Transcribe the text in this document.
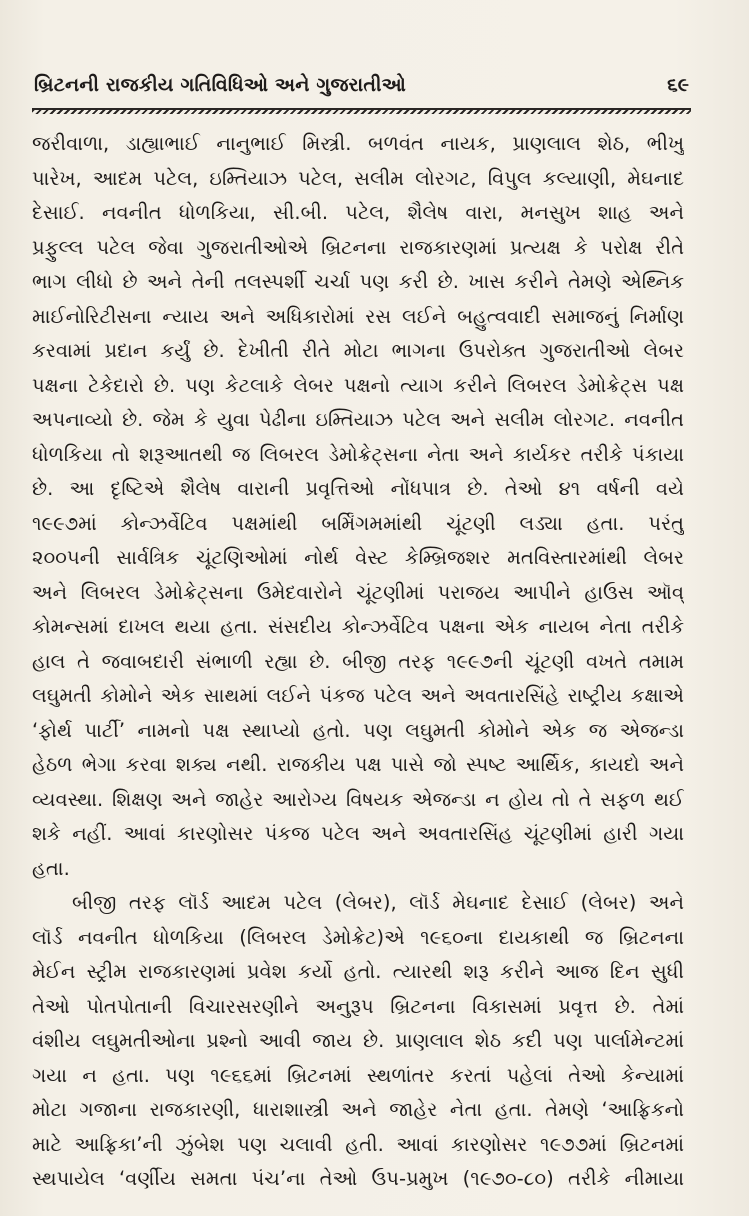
બ્રિટનની રાજકીય ગતિવિધિઓ અને ગુજરાતીઓ	૬૯
જરીવાળા, ડાહ્યાભાઈ નાનુભાઈ મિસ્ત્રી. બળવંત નાયક, પ્રાણલાલ શેઠ, ભીખુ
પારેખ, આદમ પટેલ, ઇમ્તિયાઝ પટેલ, સલીમ લોરગટ, વિપુલ કલ્યાણી, મેઘનાદ
દેસાઈ. નવનીત ધોળકિયા, સી.બી. પટેલ, શૈલેષ વારા, મનસુખ શાહ અને
પ્રફુલ્લ પટેલ જેવા ગુજરાતીઓએ બ્રિટનના રાજકારણમાં પ્રત્યક્ષ કે પરોક્ષ રીતે
ભાગ લીધો છે અને તેની તલસ્પર્શી ચર્ચા પણ કરી છે. ખાસ કરીને તેમણે એથ્નિક
માઈનોરિટીસના ન્યાય અને અધિકારોમાં રસ લઈને બહુત્વવાદી સમાજનું નિર્માણ
કરવામાં પ્રદાન કર્યું છે. દેખીતી રીતે મોટા ભાગના ઉપરોક્ત ગુજરાતીઓ લેબર
પક્ષના ટેકેદારો છે. પણ કેટલાકે લેબર પક્ષનો ત્યાગ કરીને લિબરલ ડેમોક્રેટ્સ પક્ષ
અપનાવ્યો છે. જેમ કે યુવા પેઢીના ઇમ્તિયાઝ પટેલ અને સલીમ લોરગટ. નવનીત
ધોળકિયા તો શરૂઆતથી જ લિબરલ ડેમોક્રેટ્સના નેતા અને કાર્યકર તરીકે પંકાયા
છે. આ દૃષ્ટિએ શૈલેષ વારાની પ્રવૃત્તિઓ નોંધપાત્ર છે. તેઓ ૪૧ વર્ષની વયે
૧૯૯૭માં કોન્ઝર્વેટિવ પક્ષમાંથી બર્મિંગમમાંથી ચૂંટણી લડ્યા હતા. પરંતુ
૨૦૦૫ની સાર્વત્રિક ચૂંટણિઓમાં નોર્થ વેસ્ટ કેમ્બ્રિજશર મતવિસ્તારમાંથી લેબર
અને લિબરલ ડેમોક્રેટ્સના ઉમેદવારોને ચૂંટણીમાં પરાજય આપીને હાઉસ ઑવ્
કોમન્સમાં દાખલ થયા હતા. સંસદીય કોન્ઝર્વેટિવ પક્ષના એક નાયબ નેતા તરીકે
હાલ તે જવાબદારી સંભાળી રહ્યા છે. બીજી તરફ ૧૯૯૭ની ચૂંટણી વખતે તમામ
લઘુમતી કોમોને એક સાથમાં લઈને પંકજ પટેલ અને અવતારસિંહે રાષ્ટ્રીય કક્ષાએ
‘ફોર્થ પાર્ટી’ નામનો પક્ષ સ્થાપ્યો હતો. પણ લઘુમતી કોમોને એક જ એજન્ડા
હેઠળ ભેગા કરવા શક્ય નથી. રાજકીય પક્ષ પાસે જો સ્પષ્ટ આર્થિક, કાયદો અને
વ્યવસ્થા. શિક્ષણ અને જાહેર આરોગ્ય વિષયક એજન્ડા ન હોય તો તે સફળ થઈ
શકે નહીં. આવાં કારણોસર પંકજ પટેલ અને અવતારસિંહ ચૂંટણીમાં હારી ગયા
હતા.
બીજી તરફ લૉર્ડ આદમ પટેલ (લેબર), લૉર્ડ મેઘનાદ દેસાઈ (લેબર) અને
લૉર્ડ નવનીત ધોળકિયા (લિબરલ ડેમોક્રેટ)એ ૧૯૬૦ના દાયકાથી જ બ્રિટનના
મેઈન સ્ટ્રીમ રાજકારણમાં પ્રવેશ કર્યો હતો. ત્યારથી શરૂ કરીને આજ દિન સુધી
તેઓ પોતપોતાની વિચારસરણીને અનુરૂપ બ્રિટનના વિકાસમાં પ્રવૃત્ત છે. તેમાં
વંશીય લઘુમતીઓના પ્રશ્નો આવી જાય છે. પ્રાણલાલ શેઠ કદી પણ પાર્લામેન્ટમાં
ગયા ન હતા. પણ ૧૯૬૬માં બ્રિટનમાં સ્થળાંતર કરતાં પહેલાં તેઓ કેન્યામાં
મોટા ગજાના રાજકારણી, ધારાશાસ્ત્રી અને જાહેર નેતા હતા. તેમણે ‘આફ્રિકનો
માટે આફ્રિકા’ની ઝુંબેશ પણ ચલાવી હતી. આવાં કારણોસર ૧૯૭૭માં બ્રિટનમાં
સ્થપાયેલ ‘વર્ણીય સમતા પંચ’ના તેઓ ઉપ-પ્રમુખ (૧૯૭૦-૮૦) તરીકે નીમાયા
